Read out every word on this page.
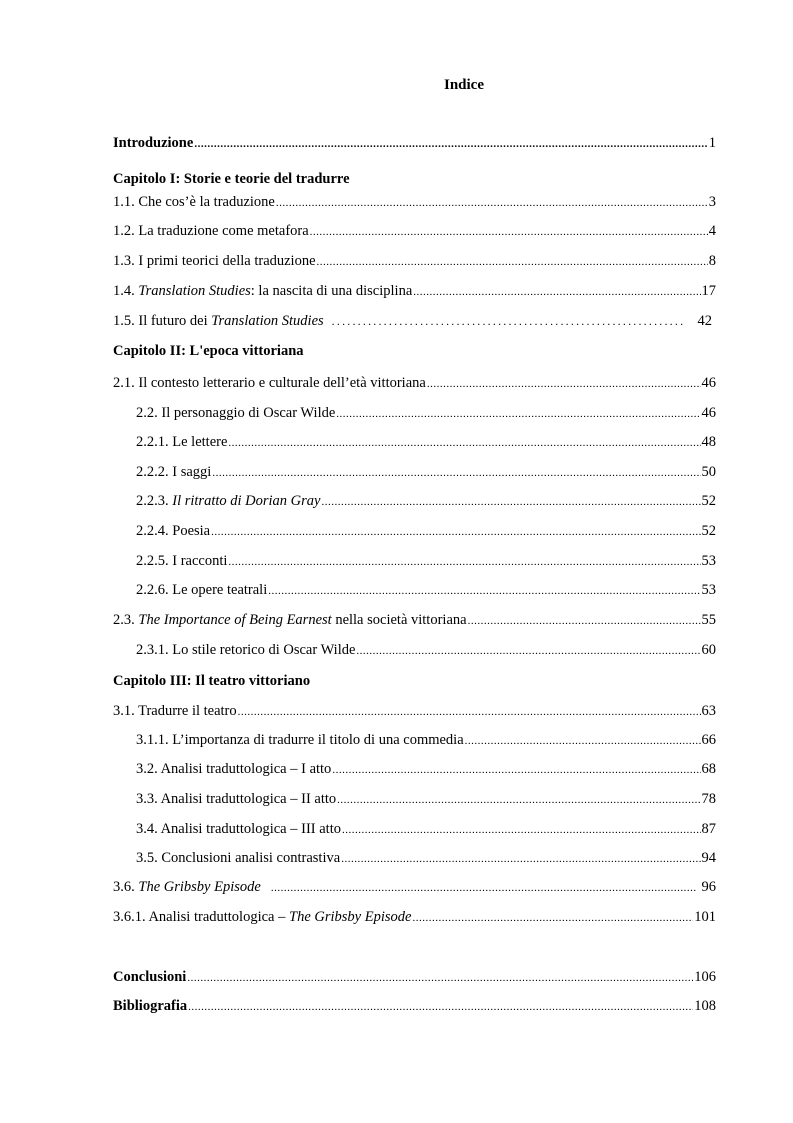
Indice
Introduzione .....	1
Capitolo I: Storie e teorie del tradurre
1.1. Che cos’è la traduzione .....	3
1.2. La traduzione come metafora .....	4
1.3. I primi teorici della traduzione .....	8
1.4. Translation Studies: la nascita di una disciplina .....	17
1.5. Il futuro dei Translation Studies .....	42
Capitolo II: L'epoca vittoriana
2.1. Il contesto letterario e culturale dell’età vittoriana .....	46
2.2. Il personaggio di Oscar Wilde .....	46
2.2.1. Le lettere .....	48
2.2.2. I saggi .....	50
2.2.3. Il ritratto di Dorian Gray .....	52
2.2.4. Poesia .....	52
2.2.5. I racconti .....	53
2.2.6. Le opere teatrali .....	53
2.3. The Importance of Being Earnest nella società vittoriana .....	55
2.3.1. Lo stile retorico di Oscar Wilde .....	60
Capitolo III: Il teatro vittoriano
3.1. Tradurre il teatro .....	63
3.1.1. L’importanza di tradurre il titolo di una commedia .....	66
3.2. Analisi traduttologica – I atto .....	68
3.3. Analisi traduttologica – II atto .....	78
3.4. Analisi traduttologica – III atto .....	87
3.5. Conclusioni analisi contrastiva .....	94
3.6. The Gribsby Episode .....	96
3.6.1. Analisi traduttologica – The Gribsby Episode .....	101
Conclusioni .....	106
Bibliografia .....	108
